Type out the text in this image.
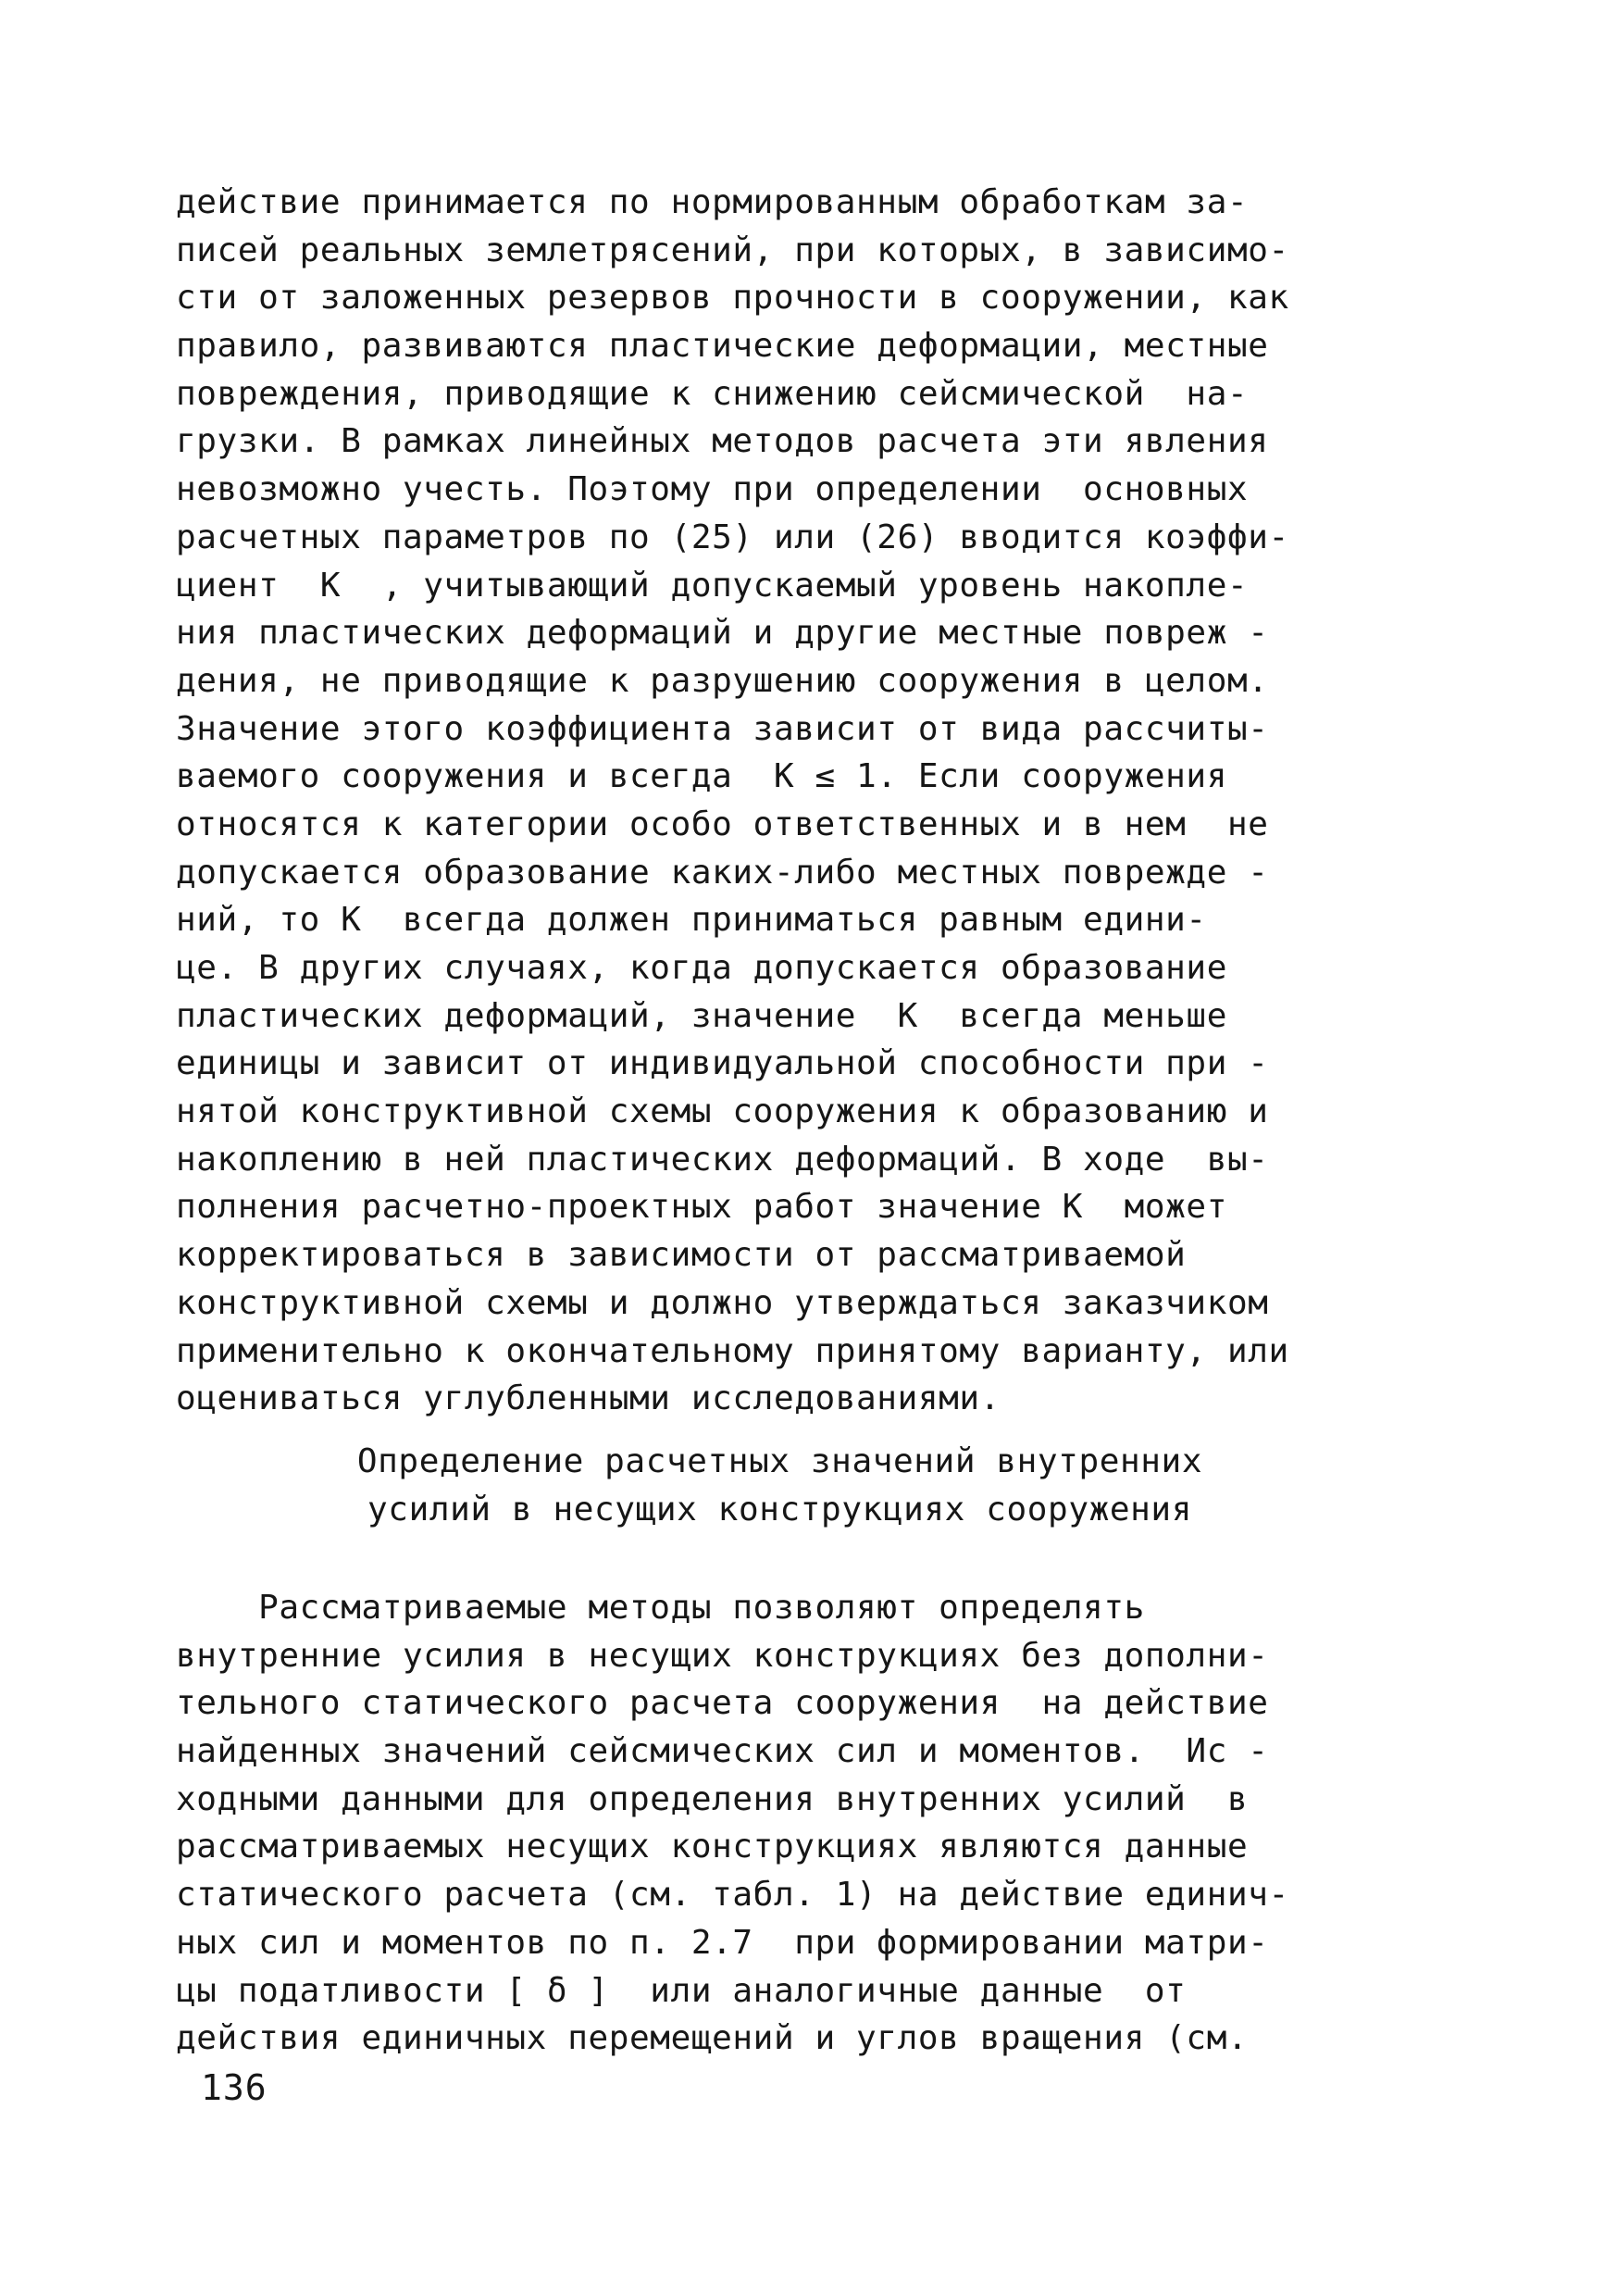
действие принимается по нормированным обработкам за-
писей реальных землетрясений, при которых, в зависимо-
сти от заложенных резервов прочности в сооружении, как
правило, развиваются пластические деформации, местные
повреждения, приводящие к снижению сейсмической  на-
грузки. В рамках линейных методов расчета эти явления
невозможно учесть. Поэтому при определении  основных
расчетных параметров по (25) или (26) вводится коэффи-
циент  K  , учитывающий допускаемый уровень накопле-
ния пластических деформаций и другие местные повреж -
дения, не приводящие к разрушению сооружения в целом.
Значение этого коэффициента зависит от вида рассчиты-
ваемого сооружения и всегда  K ≤ 1. Если сооружения
относятся к категории особо ответственных и в нем  не
допускается образование каких-либо местных повреждe -
ний, то K  всегда должен приниматься равным едини-
це. В других случаях, когда допускается образование
пластических деформаций, значение  K  всегда меньше
единицы и зависит от индивидуальной способности при -
нятой конструктивной схемы сооружения к образованию и
накоплению в ней пластических деформаций. В ходе  вы-
полнения расчетно-проектных работ значение K  может
корректироваться в зависимости от рассматриваемой
конструктивной схемы и должно утверждаться заказчиком
применительно к окончательному принятому варианту, или
оцениваться углубленными исследованиями.
Определение расчетных значений внутренних
усилий в несущих конструкциях сооружения
Рассматриваемые методы позволяют определять
внутренние усилия в несущих конструкциях без дополни-
тельного статического расчета сооружения  на действие
найденных значений сейсмических сил и моментов.  Ис -
ходными данными для определения внутренних усилий  в
рассматриваемых несущих конструкциях являются данные
статического расчета (см. табл. 1) на действие единич-
ных сил и моментов по п. 2.7  при формировании матри-
цы податливости [ δ ]  или аналогичные данные  от
действия единичных перемещений и углов вращения (см.
136
